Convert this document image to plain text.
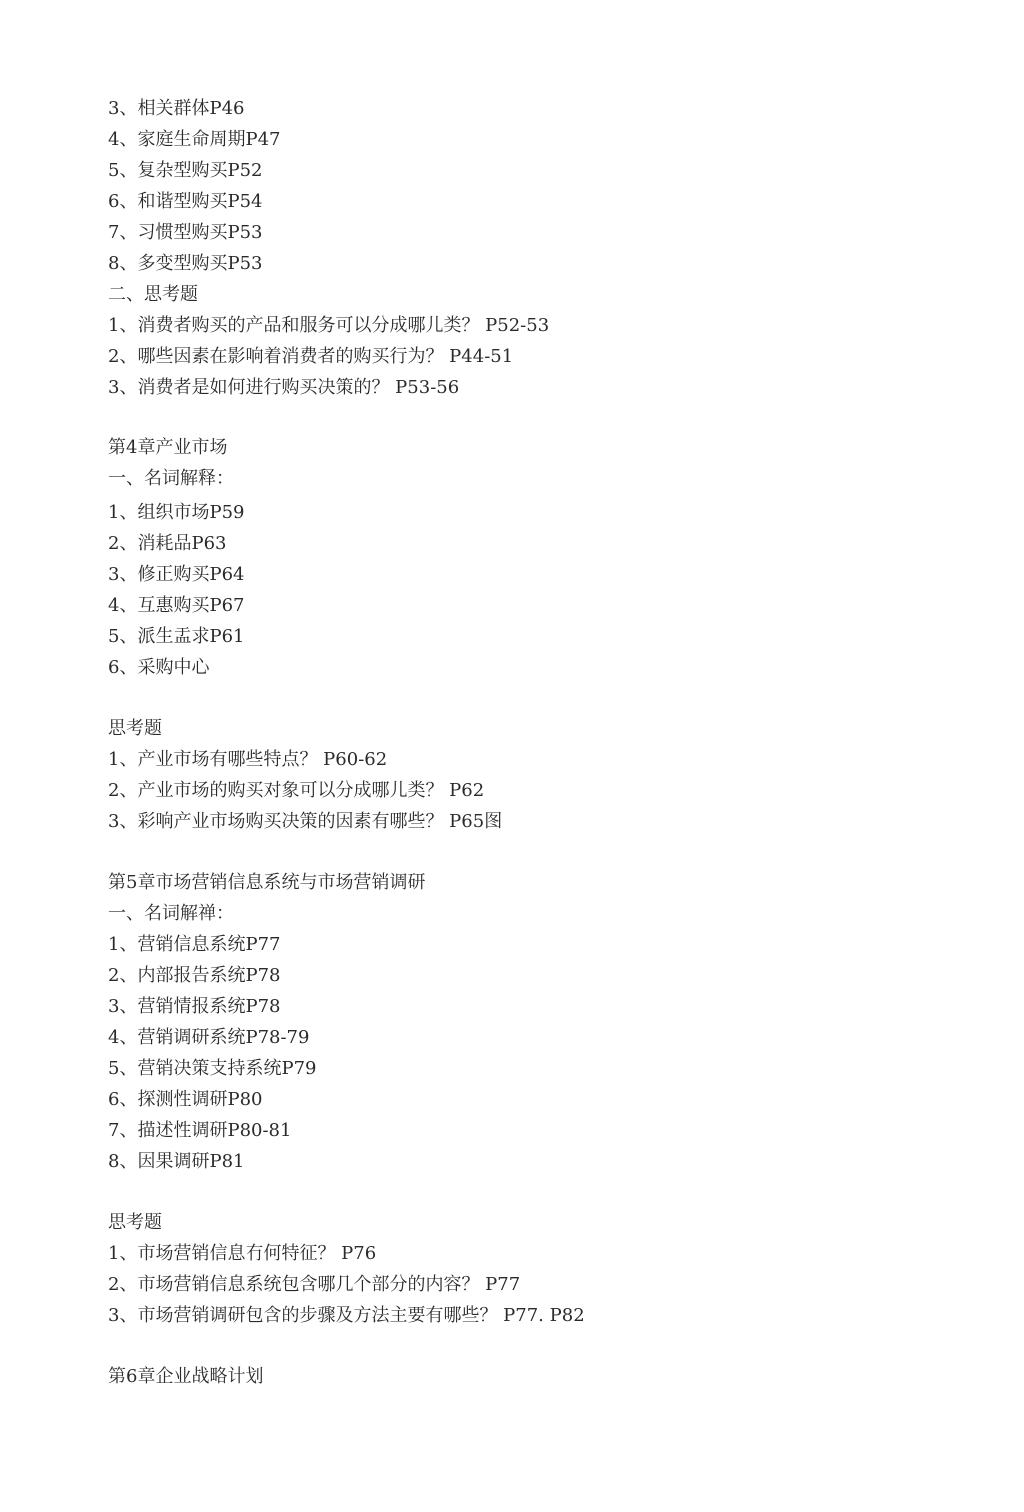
3、相关群体P46
4、家庭生命周期P47
5、复杂型购买P52
6、和谐型购买P54
7、习惯型购买P53
8、多变型购买P53
二、思考题
1、消费者购买的产品和服务可以分成哪儿类？ P52-53
2、哪些因素在影响着消费者的购买行为？ P44-51
3、消费者是如何进行购买决策的？ P53-56
第4章产业市场
一、名词解释：
1、组织市场P59
2、消耗品P63
3、修正购买P64
4、互惠购买P67
5、派生盂求P61
6、采购中心
思考题
1、产业市场有哪些特点？ P60-62
2、产业市场的购买对象可以分成哪儿类？ P62
3、彩响产业市场购买决策的因素有哪些？ P65图
第5章市场营销信息系统与市场营销调研
一、名词解禅：
1、营销信息系统P77
2、内部报告系统P78
3、营销情报系统P78
4、营销调研系统P78-79
5、营销决策支持系统P79
6、探测性调研P80
7、描述性调研P80-81
8、因果调研P81
思考题
1、市场营销信息冇何特征？ P76
2、市场营销信息系统包含哪几个部分的内容？ P77
3、市场营销调研包含的步骤及方法主要有哪些？ P77. P82
第6章企业战略计划
